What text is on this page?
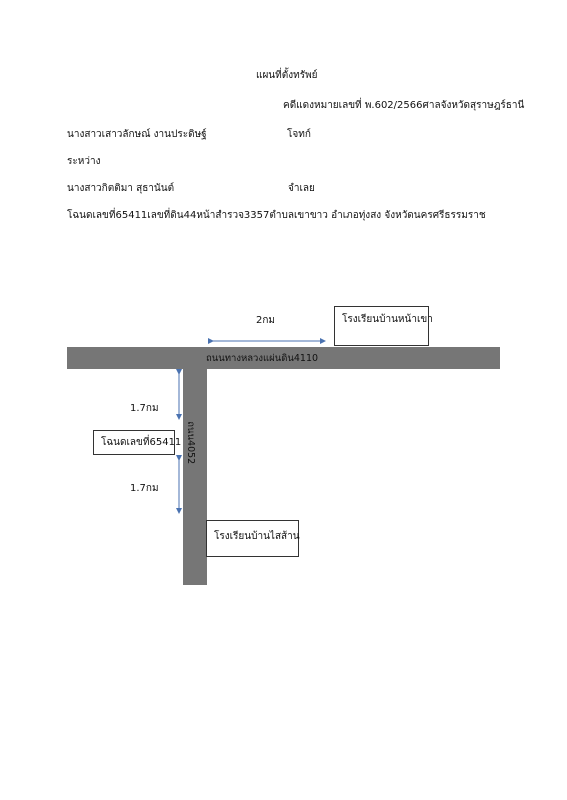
แผนที่ตั้งทรัพย์
คดีแดงหมายเลขที่ พ.602/2566ศาลจังหวัดสุราษฎร์ธานี
นางสาวเสาวลักษณ์ งานประดิษฐ์	โจทก์
ระหว่าง
นางสาวกิตติมา สุธานันต์	จำเลย
โฉนดเลขที่65411เลขที่ดิน44หน้าสำรวจ3357ตำบลเขาขาว อำเภอทุ่งสง จังหวัดนครศรีธรรมราช
ถนนทางหลวงแผ่นดิน4110
ถนน4052
โรงเรียนบ้านหน้าเขา
โฉนดเลขที่65411
โรงเรียนบ้านไสส้าน
2กม
1.7กม
1.7กม
